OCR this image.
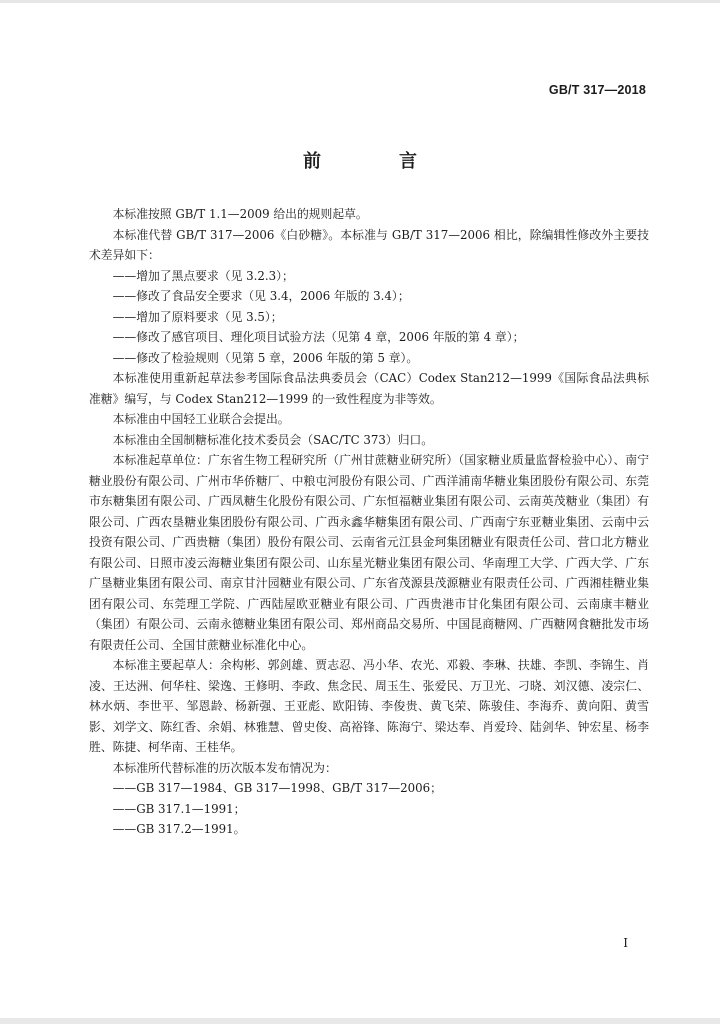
GB/T 317—2018
前　言

本标准按照 GB/T 1.1—2009 给出的规则起草。

本标准代替 GB/T 317—2006《白砂糖》。本标准与 GB/T 317—2006 相比，除编辑性修改外主要技术差异如下：

——增加了黑点要求（见 3.2.3）；

——修改了食品安全要求（见 3.4，2006 年版的 3.4）；

——增加了原料要求（见 3.5）；

——修改了感官项目、理化项目试验方法（见第 4 章，2006 年版的第 4 章）；

——修改了检验规则（见第 5 章，2006 年版的第 5 章）。

本标准使用重新起草法参考国际食品法典委员会（CAC）Codex Stan212—1999《国际食品法典标准糖》编写，与 Codex Stan212—1999 的一致性程度为非等效。

本标准由中国轻工业联合会提出。

本标准由全国制糖标准化技术委员会（SAC/TC 373）归口。

本标准起草单位：广东省生物工程研究所（广州甘蔗糖业研究所）（国家糖业质量监督检验中心）、南宁糖业股份有限公司、广州市华侨糖厂、中粮屯河股份有限公司、广西洋浦南华糖业集团股份有限公司、东莞市东糖集团有限公司、广西凤糖生化股份有限公司、广东恒福糖业集团有限公司、云南英茂糖业（集团）有限公司、广西农垦糖业集团股份有限公司、广西永鑫华糖集团有限公司、广西南宁东亚糖业集团、云南中云投资有限公司、广西贵糖（集团）股份有限公司、云南省元江县金珂集团糖业有限责任公司、营口北方糖业有限公司、日照市凌云海糖业集团有限公司、山东星光糖业集团有限公司、华南理工大学、广西大学、广东广垦糖业集团有限公司、南京甘汁园糖业有限公司、广东省茂源县茂源糖业有限责任公司、广西湘桂糖业集团有限公司、东莞理工学院、广西陆屋欧亚糖业有限公司、广西贵港市甘化集团有限公司、云南康丰糖业（集团）有限公司、云南永德糖业集团有限公司、郑州商品交易所、中国昆商糖网、广西糖网食糖批发市场有限责任公司、全国甘蔗糖业标准化中心。

本标准主要起草人：余构彬、郭剑雄、贾志忍、冯小华、农光、邓毅、李琳、扶雄、李凯、李锦生、肖凌、王达洲、何华柱、梁逸、王修明、李政、焦念民、周玉生、张爱民、万卫光、刁晓、刘汉德、凌宗仁、林水炳、李世平、邹恩龄、杨新强、王亚彪、欧阳铸、李俊贵、黄飞荣、陈骏佳、李海乔、黄向阳、黄雪影、刘学文、陈红香、余娟、林雅慧、曾史俊、高裕锋、陈海宁、梁达奉、肖爱玲、陆剑华、钟宏星、杨李胜、陈捷、柯华南、王桂华。

本标准所代替标准的历次版本发布情况为：

——GB 317—1984、GB 317—1998、GB/T 317—2006；

——GB 317.1—1991；

——GB 317.2—1991。

I
